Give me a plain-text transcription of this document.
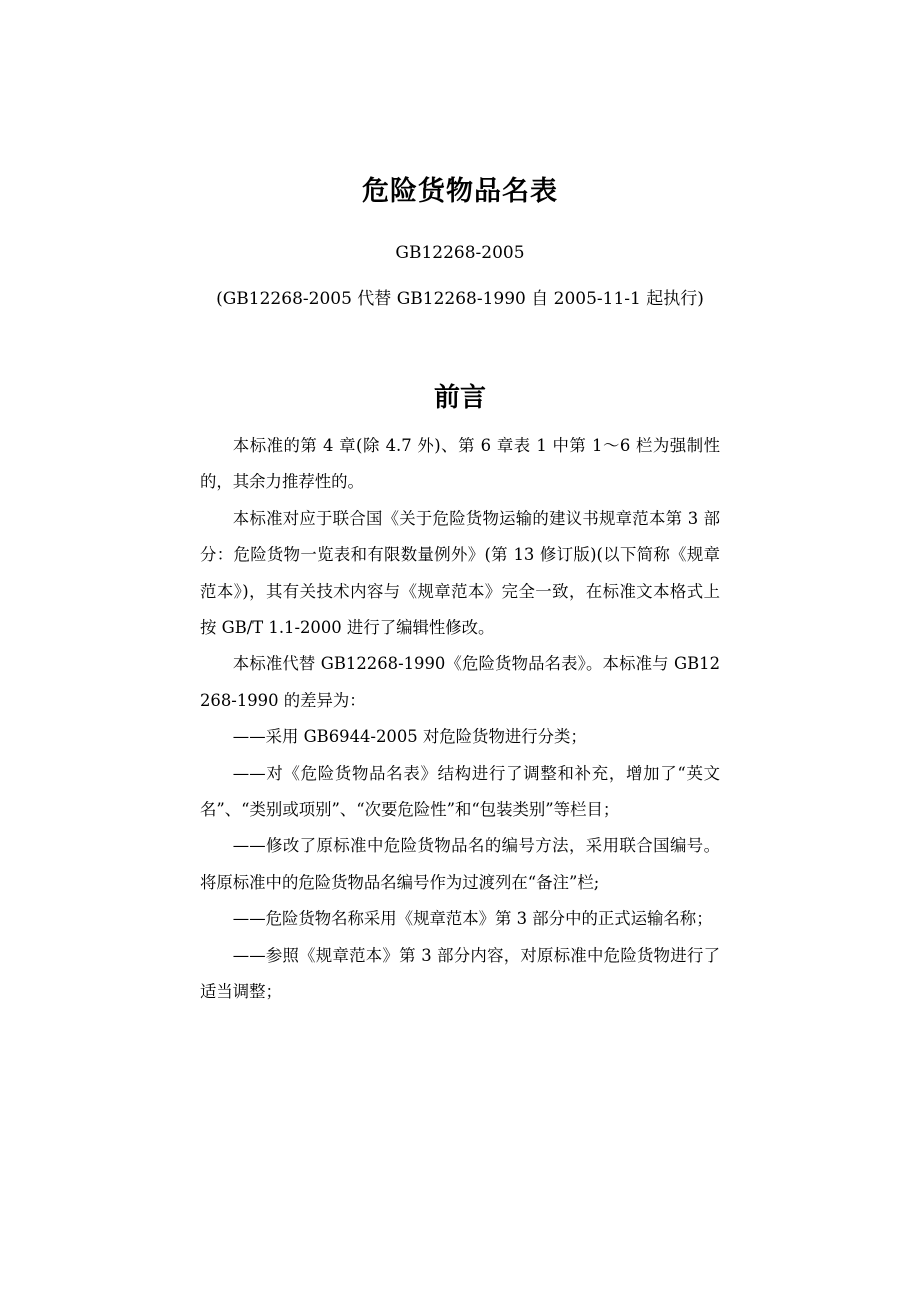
危险货物品名表
GB12268-2005
(GB12268-2005 代替 GB12268-1990 自 2005-11-1 起执行)
前言

本标准的第 4 章(除 4.7 外)、第 6 章表 1 中第 1～6 栏为强制性的，其余力推荐性的。

本标准对应于联合国《关于危险货物运输的建议书规章范本第 3 部分：危险货物一览表和有限数量例外》(第 13 修订版)(以下简称《规章范本》)，其有关技术内容与《规章范本》完全一致，在标准文本格式上按 GB/T 1.1-2000 进行了编辑性修改。

本标准代替 GB12268-1990《危险货物品名表》。本标准与 GB12268-1990 的差异为：

——采用 GB6944-2005 对危险货物进行分类；

——对《危险货物品名表》结构进行了调整和补充，增加了“英文名”、“类别或项别”、“次要危险性”和“包装类别”等栏目；

——修改了原标准中危险货物品名的编号方法，采用联合国编号。将原标准中的危险货物品名编号作为过渡列在“备注”栏;

——危险货物名称采用《规章范本》第 3 部分中的正式运输名称；

——参照《规章范本》第 3 部分内容，对原标准中危险货物进行了适当调整；
